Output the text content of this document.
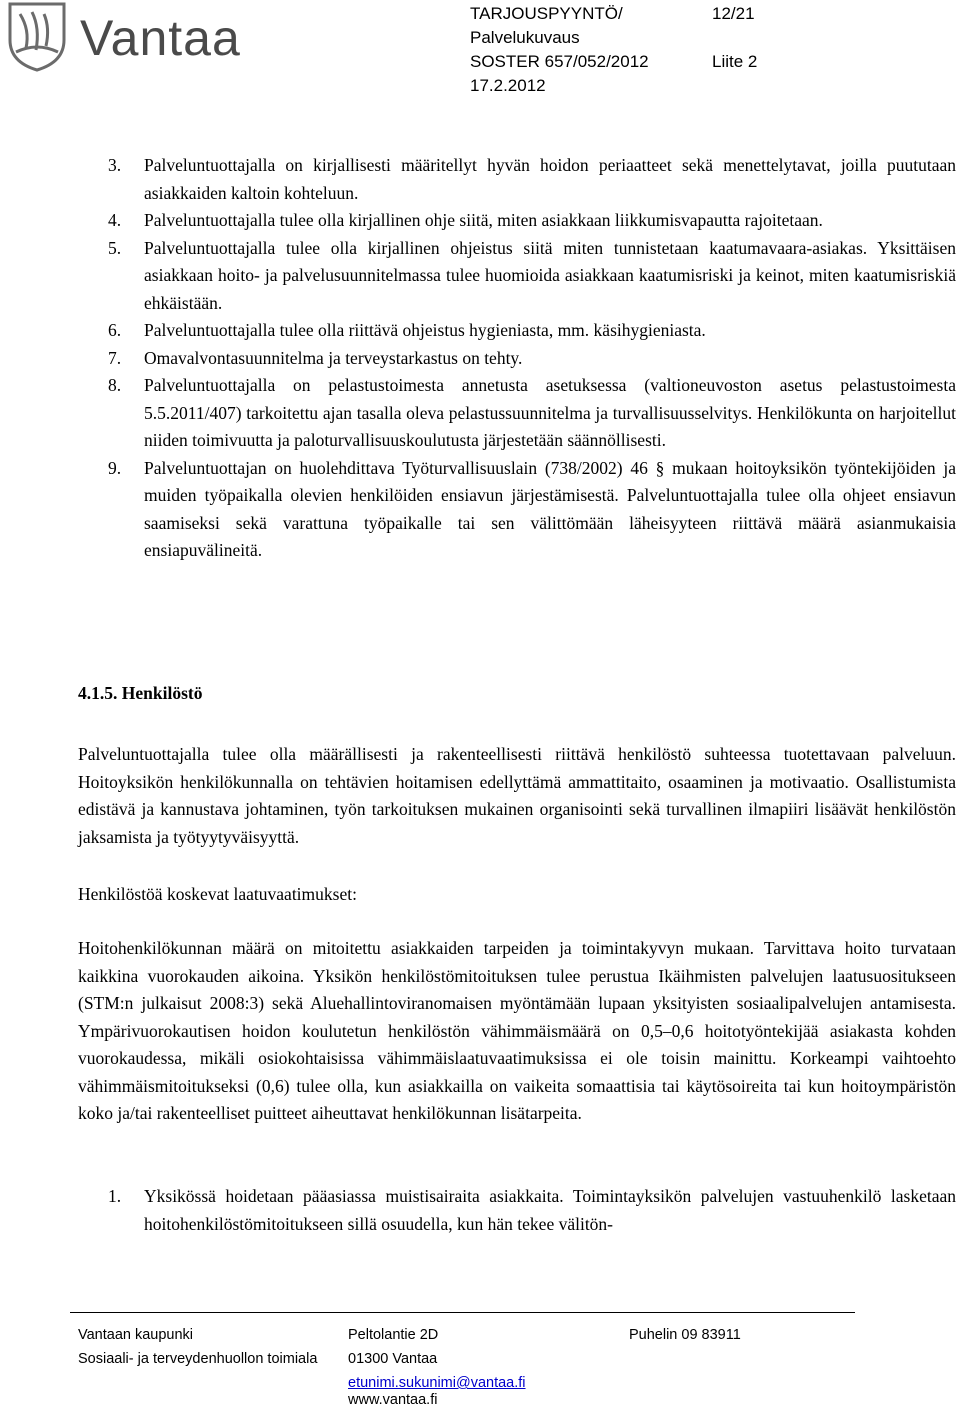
Vantaa	TARJOUSPYYNTÖ/	12/21
Palvelukuvaus
SOSTER 657/052/2012	Liite 2
17.2.2012
3. Palveluntuottajalla on kirjallisesti määritellyt hyvän hoidon periaatteet sekä menettelytavat, joilla puututaan asiakkaiden kaltoin kohteluun.
4. Palveluntuottajalla tulee olla kirjallinen ohje siitä, miten asiakkaan liikkumisvapautta rajoitetaan.
5. Palveluntuottajalla tulee olla kirjallinen ohjeistus siitä miten tunnistetaan kaatumavaara-asiakas. Yksittäisen asiakkaan hoito- ja palvelusuunnitelmassa tulee huomioida asiakkaan kaatumisriski ja keinot, miten kaatumisriskiä ehkäistään.
6. Palveluntuottajalla tulee olla riittävä ohjeistus hygieniasta, mm. käsihygieniasta.
7. Omavalvontasuunnitelma ja terveystarkastus on tehty.
8. Palveluntuottajalla on pelastustoimesta annetusta asetuksessa (valtioneuvoston asetus pelastustoimesta 5.5.2011/407) tarkoitettu ajan tasalla oleva pelastussuunnitelma ja turvallisuusselvitys. Henkilökunta on harjoitellut niiden toimivuutta ja paloturvallisuuskoulutusta järjestetään säännöllisesti.
9. Palveluntuottajan on huolehdittava Työturvallisuuslain (738/2002) 46 § mukaan hoitoyksikön työntekijöiden ja muiden työpaikalla olevien henkilöiden ensiavun järjestämisestä. Palveluntuottajalla tulee olla ohjeet ensiavun saamiseksi sekä varattuna työpaikalle tai sen välittömään läheisyyteen riittävä määrä asianmukaisia ensiapuvälineitä.
4.1.5. Henkilöstö
Palveluntuottajalla tulee olla määrällisesti ja rakenteellisesti riittävä henkilöstö suhteessa tuotettavaan palveluun. Hoitoyksikön henkilökunnalla on tehtävien hoitamisen edellyttämä ammattitaito, osaaminen ja motivaatio. Osallistumista edistävä ja kannustava johtaminen, työn tarkoituksen mukainen organisointi sekä turvallinen ilmapiiri lisäävät henkilöstön jaksamista ja työtyytyväisyyttä.
Henkilöstöä koskevat laatuvaatimukset:
Hoitohenkilökunnan määrä on mitoitettu asiakkaiden tarpeiden ja toimintakyvyn mukaan. Tarvittava hoito turvataan kaikkina vuorokauden aikoina. Yksikön henkilöstömitoituksen tulee perustua Ikäihmisten palvelujen laatusuositukseen (STM:n julkaisut 2008:3) sekä Aluehallintoviranomaisen myöntämään lupaan yksityisten sosiaalipalvelujen antamisesta. Ympärivuorokautisen hoidon koulutetun henkilöstön vähimmäismäärä on 0,5–0,6 hoitotyöntekijää asiakasta kohden vuorokaudessa, mikäli osiokohtaisissa vähimmäislaatuvaatimuksissa ei ole toisin mainittu. Korkeampi vaihtoehto vähimmäismitoitukseksi (0,6) tulee olla, kun asiakkailla on vaikeita somaattisia tai käytösoireita tai kun hoitoympäristön koko ja/tai rakenteelliset puitteet aiheuttavat henkilökunnan lisätarpeita.
1. Yksikössä hoidetaan pääasiassa muistisairaita asiakkaita. Toimintayksikön palvelujen vastuuhenkilö lasketaan hoitohenkilöstömitoitukseen sillä osuudella, kun hän tekee välitön-
Vantaan kaupunki
Sosiaali- ja terveydenhuollon toimiala
Peltolantie 2D
01300 Vantaa
etunimi.sukunimi@vantaa.fi
www.vantaa.fi
Puhelin 09 83911
